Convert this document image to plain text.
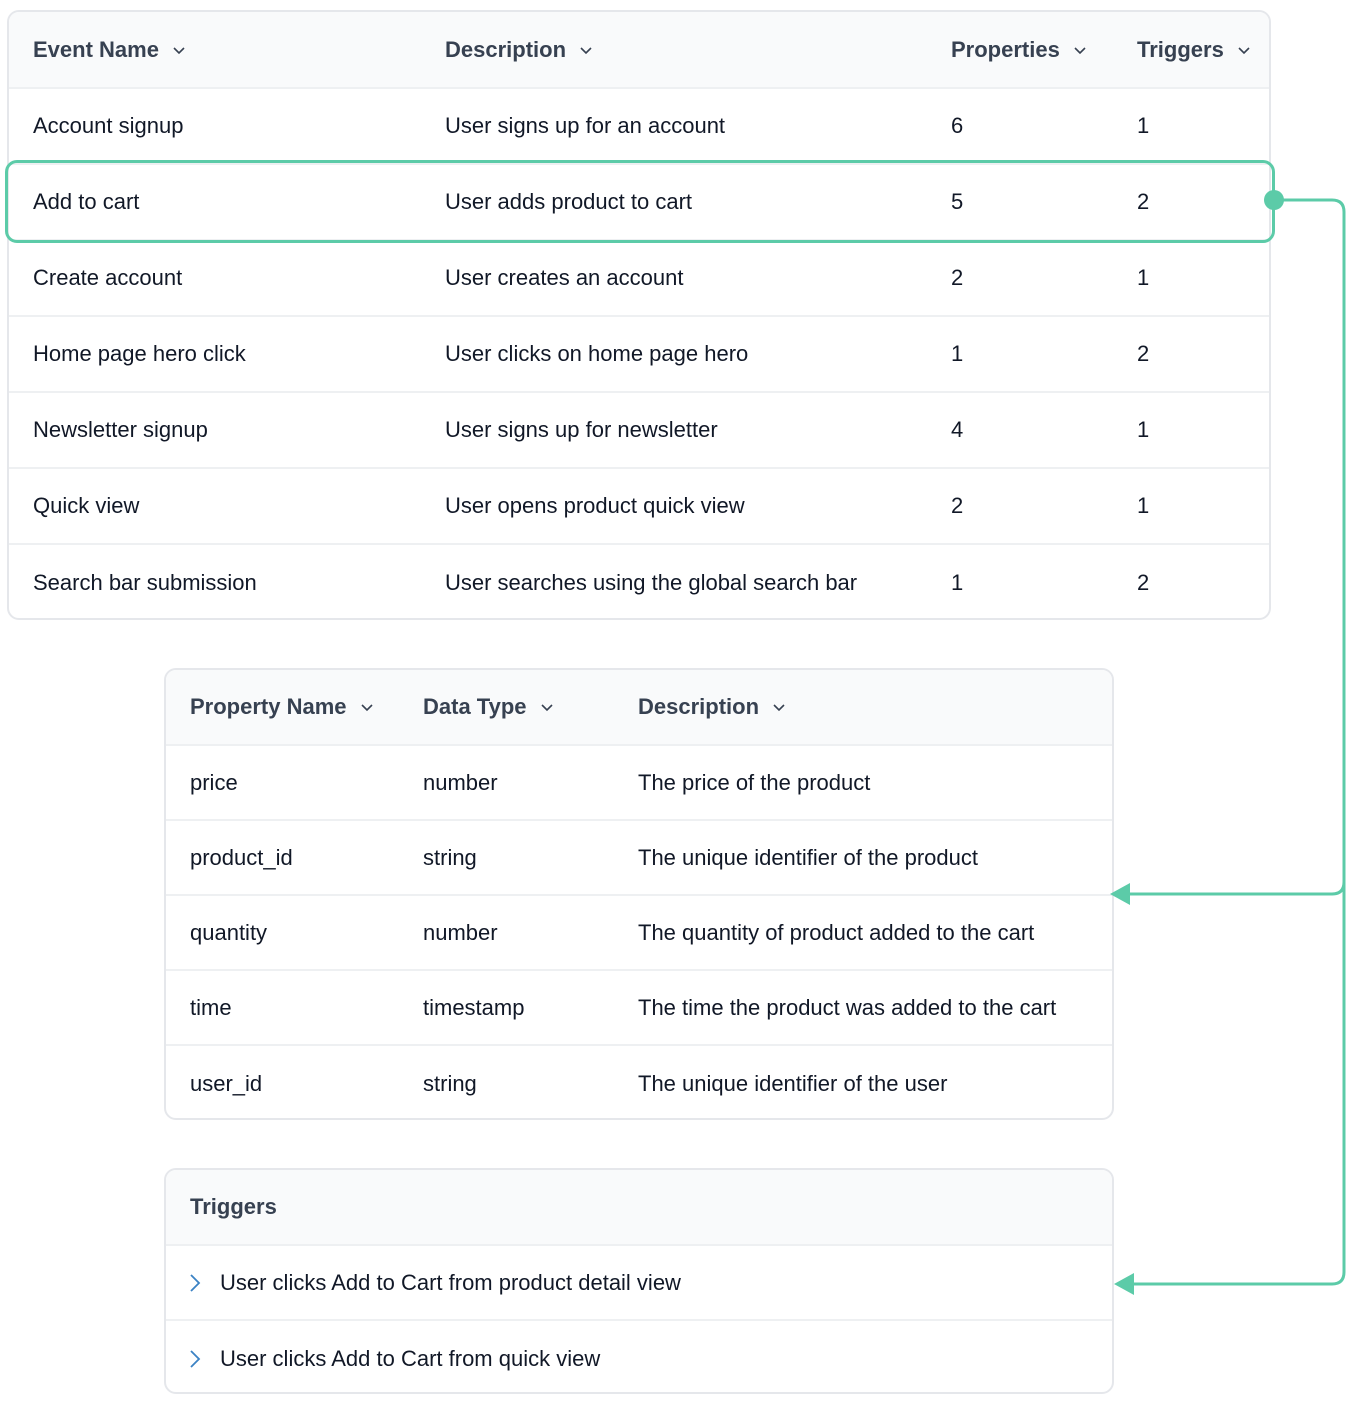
Event Name	Description	Properties	Triggers
Account signup	User signs up for an account	6	1
Add to cart	User adds product to cart	5	2
Create account	User creates an account	2	1
Home page hero click	User clicks on home page hero	1	2
Newsletter signup	User signs up for newsletter	4	1
Quick view	User opens product quick view	2	1
Search bar submission	User searches using the global search bar	1	2
Property Name	Data Type	Description
price	number	The price of the product
product_id	string	The unique identifier of the product
quantity	number	The quantity of product added to the cart
time	timestamp	The time the product was added to the cart
user_id	string	The unique identifier of the user
Triggers
User clicks Add to Cart from product detail view
User clicks Add to Cart from quick view
